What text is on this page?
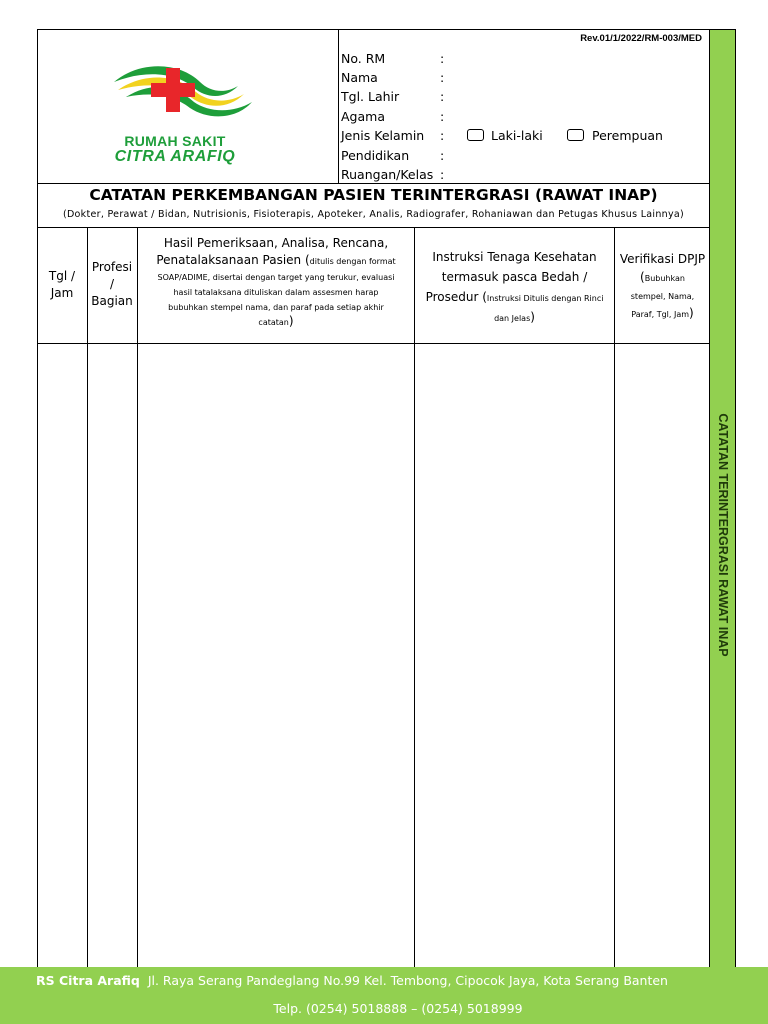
CATATAN TERINTERGRASI RAWAT INAP
Rev.01/1/2022/RM-003/MED
RUMAH SAKIT
CITRA ARAFIQ
No. RM
Nama
Tgl. Lahir
Agama
Jenis Kelamin
Pendidikan
Ruangan/Kelas
:
:
:
:
:
:
:
Laki-laki	Perempuan
CATATAN PERKEMBANGAN PASIEN TERINTERGRASI (RAWAT INAP)
(Dokter, Perawat / Bidan, Nutrisionis, Fisioterapis, Apoteker, Analis, Radiografer, Rohaniawan dan Petugas Khusus Lainnya)
Tgl /
Jam
Profesi
/
Bagian
Hasil Pemeriksaan, Analisa, Rencana,
Penatalaksanaan Pasien (ditulis dengan format
SOAP/ADIME, disertai dengan target yang terukur, evaluasi
hasil tatalaksana dituliskan dalam assesmen harap
bubuhkan stempel nama, dan paraf pada setiap akhir
catatan)
Instruksi Tenaga Kesehatan
termasuk pasca Bedah /
Prosedur (Instruksi Ditulis dengan Rinci
dan Jelas)
Verifikasi DPJP
(Bubuhkan
stempel, Nama,
Paraf, Tgl, Jam)
RS Citra Arafiq Jl. Raya Serang Pandeglang No.99 Kel. Tembong, Cipocok Jaya, Kota Serang Banten
Telp. (0254) 5018888 – (0254) 5018999
